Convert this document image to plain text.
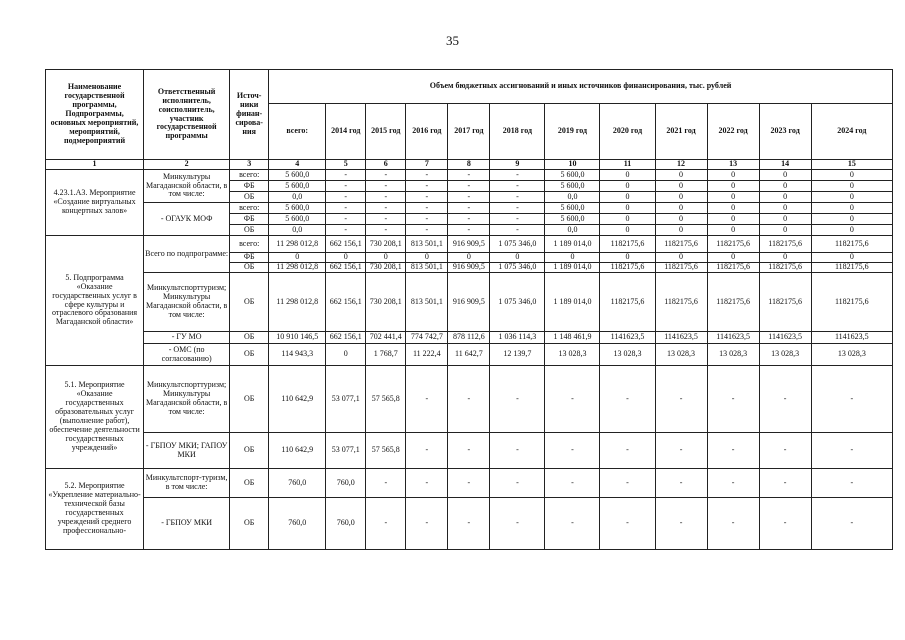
35
Наименование государственной программы, Подпрограммы, основных мероприятий, мероприятий, подмероприятий	Ответственный исполнитель, соисполнитель, участник государственной программы	Источ-ники финан-сирова-ния	Объем бюджетных ассигнований и иных источников финансирования, тыс. рублей											
			всего:	2014 год	2015 год	2016 год	2017 год	2018 год	2019 год	2020 год	2021 год	2022 год	2023 год	2024 год
1	2	3	4	5	6	7	8	9	10	11	12	13	14	15
4.23.1.А3. Мероприятие «Создание виртуальных концертных залов»	Минкультуры Магаданской области, в том числе:	всего:	5 600,0	-	-	-	-	-	5 600,0	0	0	0	0	0
		ФБ	5 600,0	-	-	-	-	-	5 600,0	0	0	0	0	0
		ОБ	0,0	-	-	-	-	-	0,0	0	0	0	0	0
	- ОГАУК МОФ	всего:	5 600,0	-	-	-	-	-	5 600,0	0	0	0	0	0
		ФБ	5 600,0	-	-	-	-	-	5 600,0	0	0	0	0	0
		ОБ	0,0	-	-	-	-	-	0,0	0	0	0	0	0
5. Подпрограмма «Оказание государственных услуг в сфере культуры и отраслевого образования Магаданской области»	Всего по подпрограмме:	всего:	11 298 012,8	662 156,1	730 208,1	813 501,1	916 909,5	1 075 346,0	1 189 014,0	1182175,6	1182175,6	1182175,6	1182175,6	1182175,6
		ФБ	0	0	0	0	0	0	0	0	0	0	0	0
		ОБ	11 298 012,8	662 156,1	730 208,1	813 501,1	916 909,5	1 075 346,0	1 189 014,0	1182175,6	1182175,6	1182175,6	1182175,6	1182175,6
	Минкультспорттуризм; Минкультуры Магаданской области, в том числе:	ОБ	11 298 012,8	662 156,1	730 208,1	813 501,1	916 909,5	1 075 346,0	1 189 014,0	1182175,6	1182175,6	1182175,6	1182175,6	1182175,6
	- ГУ МО	ОБ	10 910 146,5	662 156,1	702 441,4	774 742,7	878 112,6	1 036 114,3	1 148 461,9	1141623,5	1141623,5	1141623,5	1141623,5	1141623,5
	- ОМС (по согласованию)	ОБ	114 943,3	0	1 768,7	11 222,4	11 642,7	12 139,7	13 028,3	13 028,3	13 028,3	13 028,3	13 028,3	13 028,3
5.1. Мероприятие «Оказание государственных образовательных услуг (выполнение работ), обеспечение деятельности государственных учреждений»	Минкультспорттуризм; Минкультуры Магаданской области, в том числе:	ОБ	110 642,9	53 077,1	57 565,8	-	-	-	-	-	-	-	-	-
	- ГБПОУ МКИ; ГАПОУ МКИ	ОБ	110 642,9	53 077,1	57 565,8	-	-	-	-	-	-	-	-	-
5.2. Мероприятие «Укрепление материально-технической базы государственных учреждений среднего профессионально-	Минкультспорт-туризм, в том числе:	ОБ	760,0	760,0	-	-	-	-	-	-	-	-	-	-
	- ГБПОУ МКИ	ОБ	760,0	760,0	-	-	-	-	-	-	-	-	-	-
